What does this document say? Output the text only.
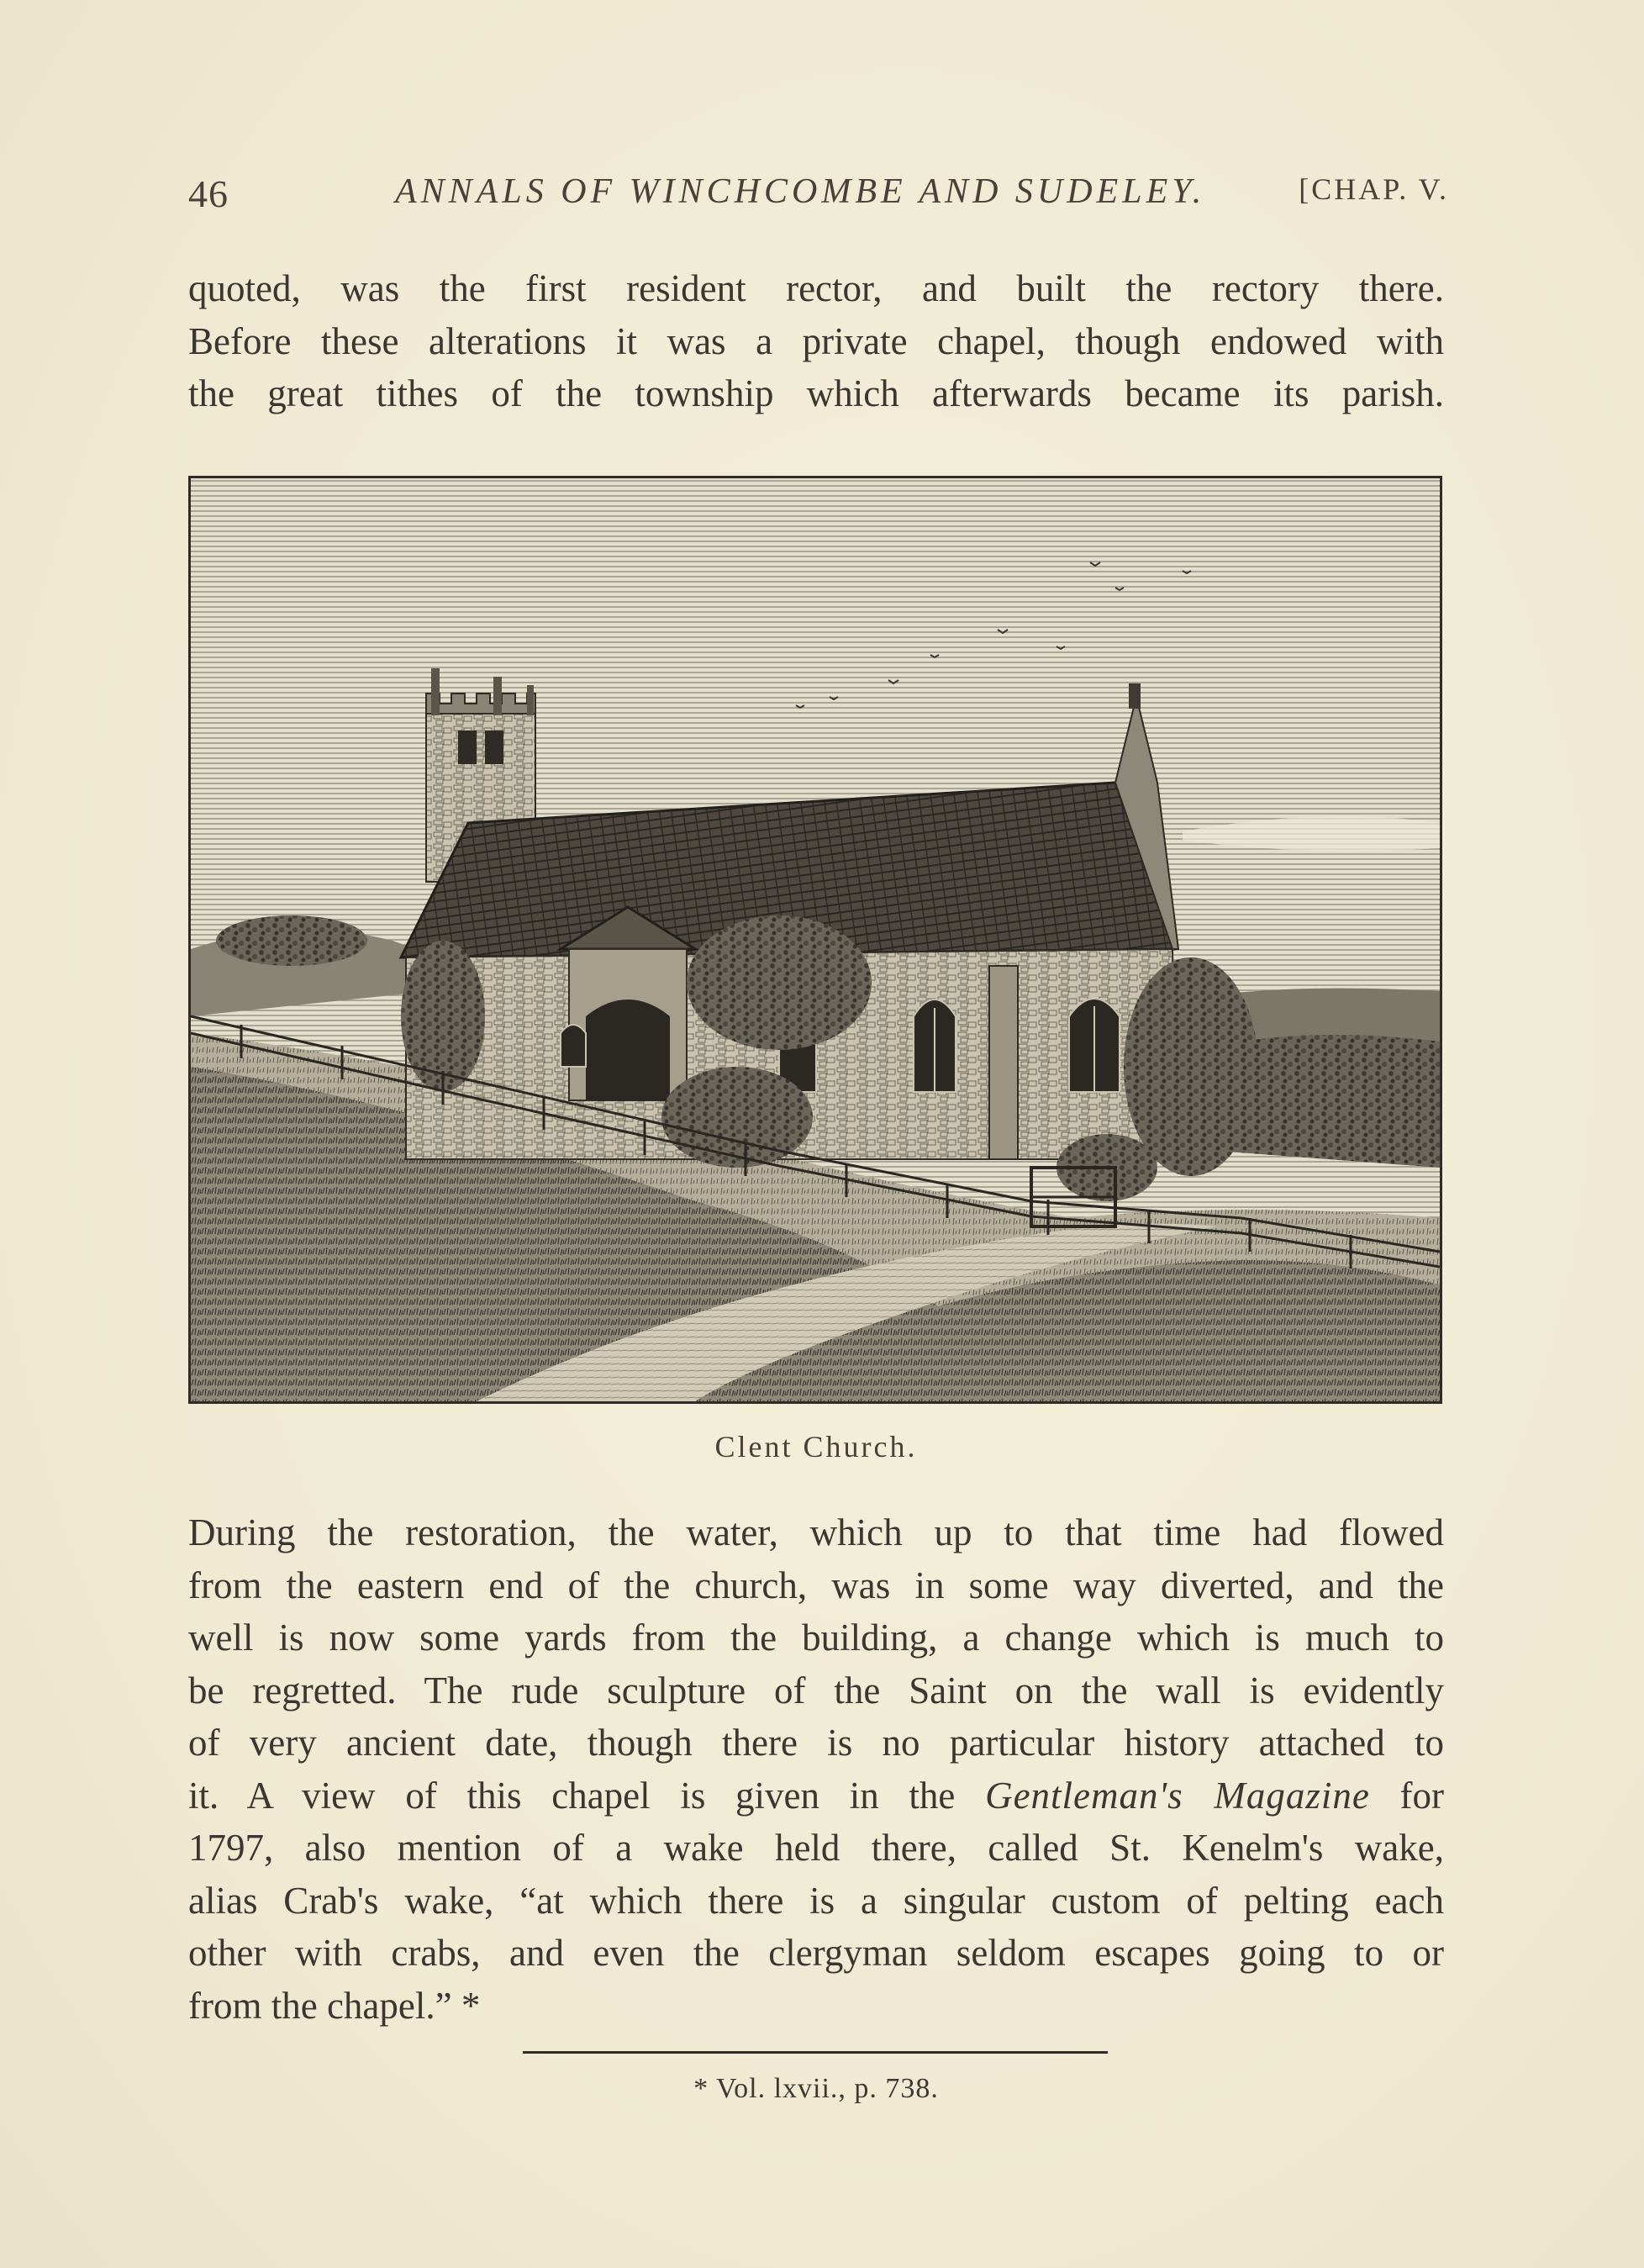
46	ANNALS OF WINCHCOMBE AND SUDELEY.	[CHAP. V.
quoted, was the first resident rector, and built the rectory there.
Before these alterations it was a private chapel, though endowed with
the great tithes of the township which afterwards became its parish.
Clent Church.
During the restoration, the water, which up to that time had flowed
from the eastern end of the church, was in some way diverted, and the
well is now some yards from the building, a change which is much to
be regretted. The rude sculpture of the Saint on the wall is evidently
of very ancient date, though there is no particular history attached to
it. A view of this chapel is given in the Gentleman's Magazine for
1797, also mention of a wake held there, called St. Kenelm's wake,
alias Crab's wake, “at which there is a singular custom of pelting each
other with crabs, and even the clergyman seldom escapes going to or
from the chapel.” *
* Vol. lxvii., p. 738.
